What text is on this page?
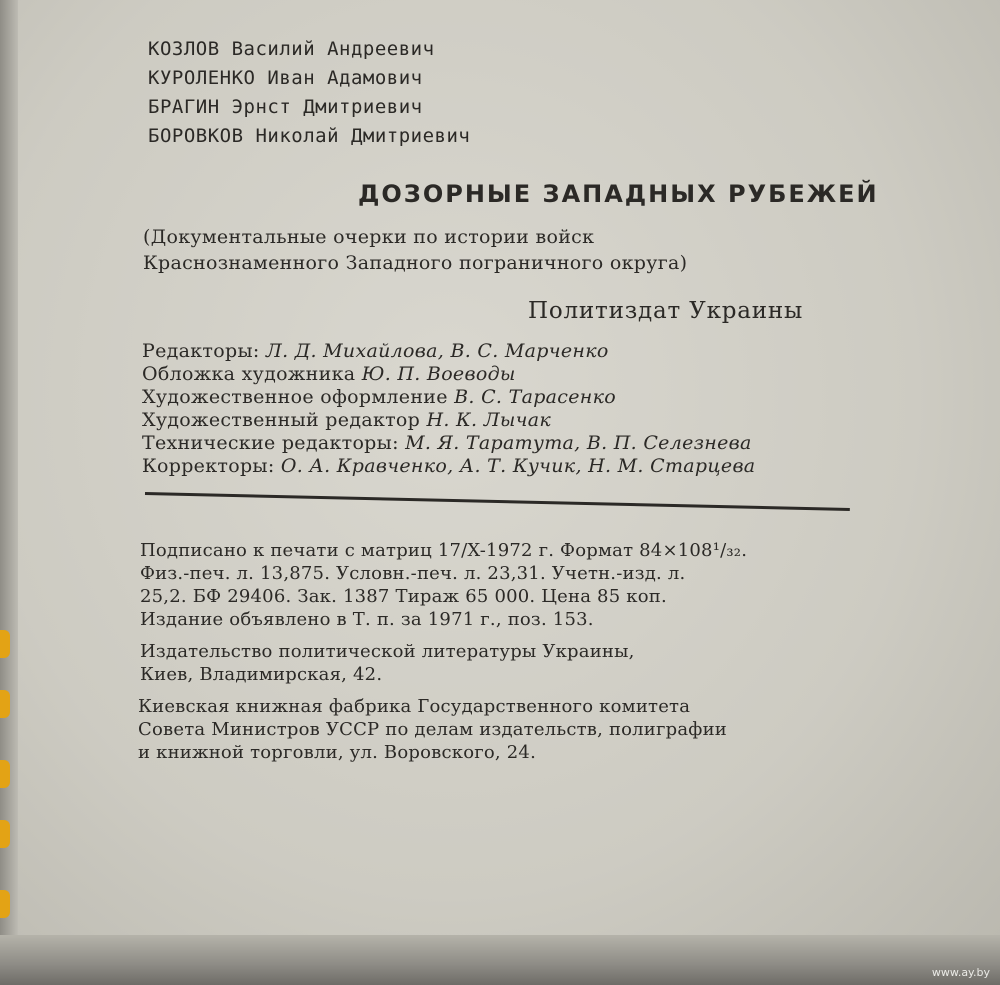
КОЗЛОВ Василий Андреевич
КУРОЛЕНКО Иван Адамович
БРАГИН Эрнст Дмитриевич
БОРОВКОВ Николай Дмитриевич
ДОЗОРНЫЕ ЗАПАДНЫХ РУБЕЖЕЙ
(Документальные очерки по истории войск
Краснознаменного Западного пограничного округа)
Политиздат Украины
Редакторы: Л. Д. Михайлова, В. С. Марченко
Обложка художника Ю. П. Воеводы
Художественное оформление В. С. Тарасенко
Художественный редактор Н. К. Лычак
Технические редакторы: М. Я. Таратута, В. П. Селезнева
Корректоры: О. А. Кравченко, А. Т. Кучик, Н. М. Старцева
Подписано к печати с матриц 17/X-1972 г. Формат 84×108¹/₃₂.
Физ.-печ. л. 13,875. Условн.-печ. л. 23,31. Учетн.-изд. л.
25,2. БФ 29406. Зак. 1387 Тираж 65 000. Цена 85 коп.
Издание объявлено в Т. п. за 1971 г., поз. 153.
Издательство политической литературы Украины,
Киев, Владимирская, 42.
Киевская книжная фабрика Государственного комитета
Совета Министров УССР по делам издательств, полиграфии
и книжной торговли, ул. Воровского, 24.
www.ay.by
